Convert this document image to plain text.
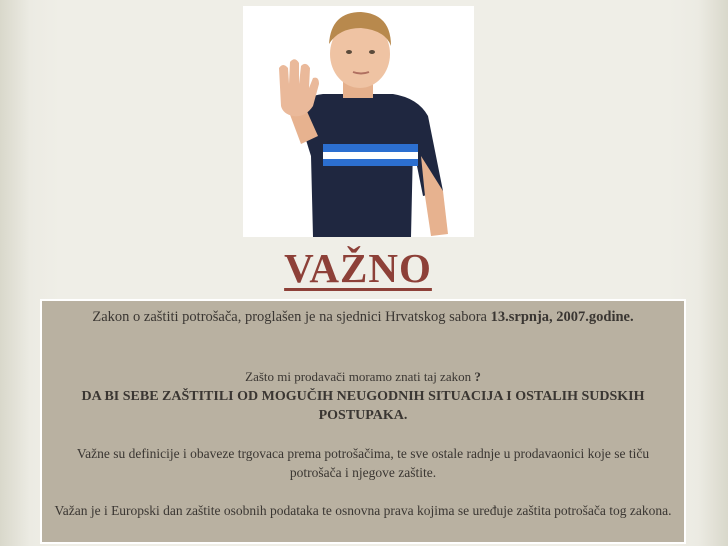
VAŽNO
Zakon o zaštiti potrošača, proglašen je na sjednici Hrvatskog sabora 13.srpnja, 2007.godine.
Zašto mi prodavači moramo znati taj zakon ?
DA BI SEBE ZAŠTITILI OD MOGUČIH NEUGODNIH SITUACIJA I OSTALIH SUDSKIH POSTUPAKA.
Važne su definicije i obaveze trgovaca prema potrošačima, te sve ostale radnje u prodavaonici koje se tiču potrošača i njegove zaštite.
Važan je i Europski dan zaštite osobnih podataka te osnovna prava kojima se uređuje zaštita potrošača tog zakona.
